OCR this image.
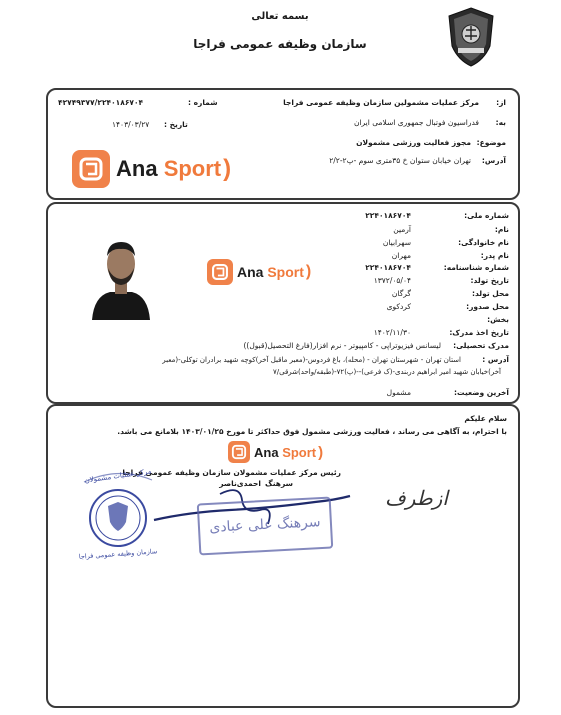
بسمه تعالی
سازمان وظیفه عمومی فراجا
از:
مرکز عملیات مشمولین سازمان وظیفه عمومی فراجا
به:
فدراسیون فوتبال جمهوری اسلامی ایران
موضوع:
مجوز فعالیت ورزشی مشمولان
آدرس:
تهران خیابان ستوان خ ۳۵متری سوم -پ۲-۲/۲
شماره :
۴۲۷۴۹۳۷۷/۲۲۴۰۱۸۶۷۰۴
تاریخ :
۱۴۰۳/۰۳/۲۷
Ana Sport )
Ana Sport )
شماره ملی:
نام:
نام خانوادگی:
نام پدر:
شماره شناسنامه:
تاریخ تولد:
محل تولد:
محل صدور:
بخش:
تاریخ اخذ مدرک:
مدرک تحصیلی:
آدرس :
آخرین وضعیت:
۲۲۴۰۱۸۶۷۰۴
آرمین
سهرابیان
مهران
۲۲۴۰۱۸۶۷۰۴
۱۳۷۲/۰۵/۰۴
گرگان
کردکوی
۱۴۰۲/۱۱/۳۰
لیسانس فیزیوتراپی - کامپیوتر - نرم افزار(فارغ التحصیل(قبول))
استان تهران - شهرستان تهران - (محله)، باغ فردوس-(معبر ماقبل آخر)کوچه شهید برادران توکلی-(معبر
آخر)خیابان شهید امیر ابراهیم دربندی-(ک فرعی)--(پ)۷۲-(طبقه/واحد)شرقی/۷
مشمول
سلام علیکم
با احترام، به آگاهی می رساند ، فعالیت ورزشی مشمول فوق حداکثر تا مورخ ۱۴۰۳/۰۱/۲۵ بلامانع می باشد.
Ana Sport )
رئیس مرکز عملیات مشمولان سازمان وظیفه عمومی فراجا
سرهنگ
احمدی‌ناصر
ازطرف
سرهنگ علی عبادی
مرکز عملیات مشمولان
سازمان وظیفه عمومی فراجا
